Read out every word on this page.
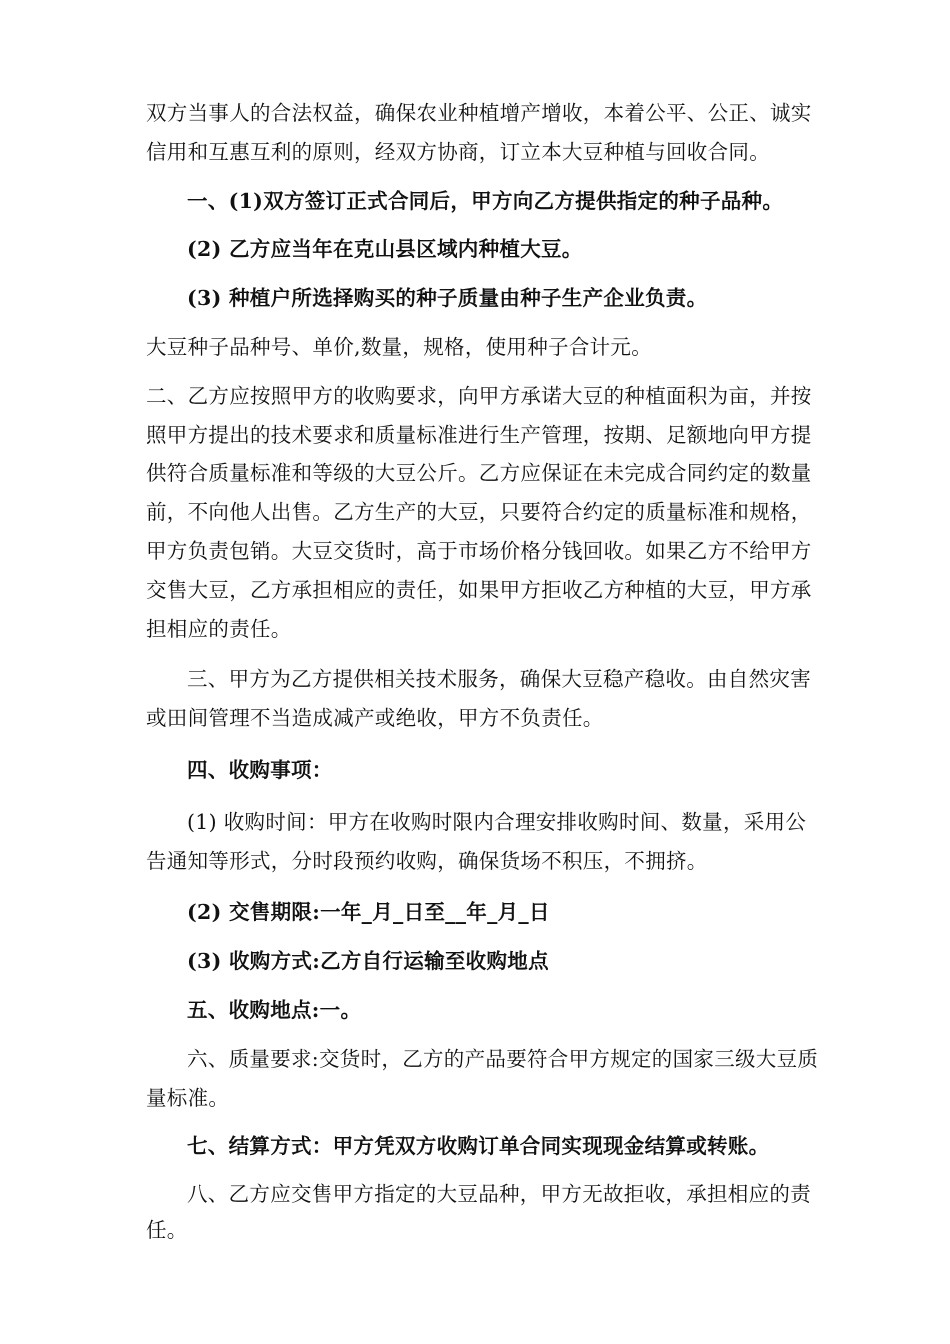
双方当事人的合法权益，确保农业种植增产增收，本着公平、公正、诚实信用和互惠互利的原则，经双方协商，订立本大豆种植与回收合同。

一、(1)双方签订正式合同后，甲方向乙方提供指定的种子品种。

(2) 乙方应当年在克山县区域内种植大豆。

(3) 种植户所选择购买的种子质量由种子生产企业负责。

大豆种子品种号、单价,数量，规格，使用种子合计元。

二、乙方应按照甲方的收购要求，向甲方承诺大豆的种植面积为亩，并按照甲方提出的技术要求和质量标准进行生产管理，按期、足额地向甲方提供符合质量标准和等级的大豆公斤。乙方应保证在未完成合同约定的数量前，不向他人出售。乙方生产的大豆，只要符合约定的质量标准和规格，甲方负责包销。大豆交货时，高于市场价格分钱回收。如果乙方不给甲方交售大豆，乙方承担相应的责任，如果甲方拒收乙方种植的大豆，甲方承担相应的责任。

三、甲方为乙方提供相关技术服务，确保大豆稳产稳收。由自然灾害或田间管理不当造成减产或绝收，甲方不负责任。

四、收购事项：

(1) 收购时间：甲方在收购时限内合理安排收购时间、数量，采用公告通知等形式，分时段预约收购，确保货场不积压，不拥挤。

(2) 交售期限:一年_月_日至__年_月_日

(3) 收购方式:乙方自行运输至收购地点

五、收购地点:一。

六、质量要求:交货时，乙方的产品要符合甲方规定的国家三级大豆质量标准。

七、结算方式：甲方凭双方收购订单合同实现现金结算或转账。

八、乙方应交售甲方指定的大豆品种，甲方无故拒收，承担相应的责任。
